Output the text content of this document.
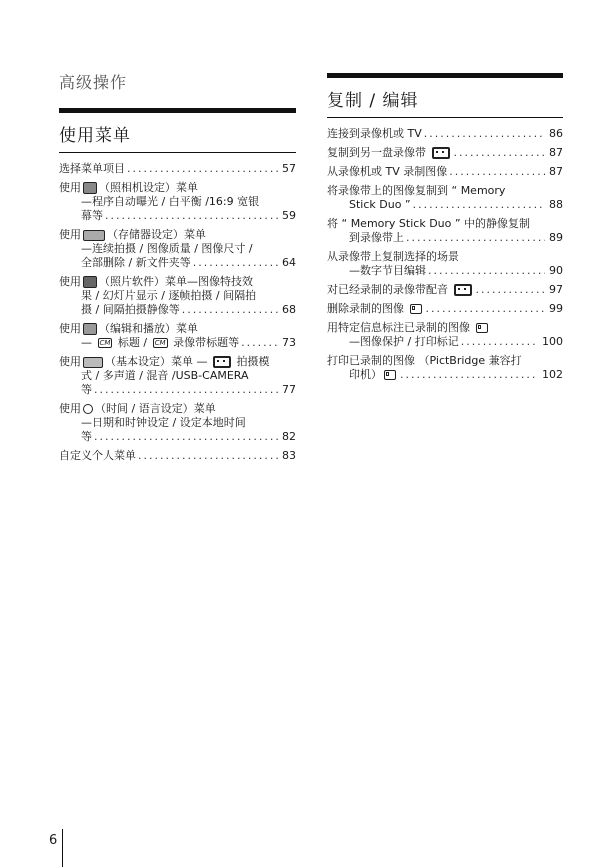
高级操作
使用菜单
选择菜单项目 .....	57
使用 （照相机设定）菜单
—程序自动曝光 / 白平衡 /16:9 宽银
幕等 .....	59
使用 （存储器设定）菜单
—连续拍摄 / 图像质量 / 图像尺寸 /
全部删除 / 新文件夹等 .....	64
使用 （照片软件）菜单—图像特技效
果 / 幻灯片显示 / 逐帧拍摄 / 间隔拍
摄 / 间隔拍摄静像等 .....	68
使用 （编辑和播放）菜单
— CM 标题 / CM 录像带标题等 .....	73
使用 （基本设定）菜单 —  拍摄模
式 / 多声道 / 混音 /USB-CAMERA
等 .....	77
使用 （时间 / 语言设定）菜单
—日期和时钟设定 / 设定本地时间
等 .....	82
自定义个人菜单 .....	83
复制 / 编辑
连接到录像机或 TV .....	86
复制到另一盘录像带 .....	87
从录像机或 TV 录制图像 .....	87
将录像带上的图像复制到 “ Memory
Stick Duo ” .....	88
将 “ Memory Stick Duo ” 中的静像复制
到录像带上 .....	89
从录像带上复制选择的场景
—数字节目编辑 .....	90
对已经录制的录像带配音 .....	97
删除录制的图像 .....	99
用特定信息标注已录制的图像
—图像保护 / 打印标记 .....	100
打印已录制的图像 （PictBridge 兼容打
印机） .....	102
6
